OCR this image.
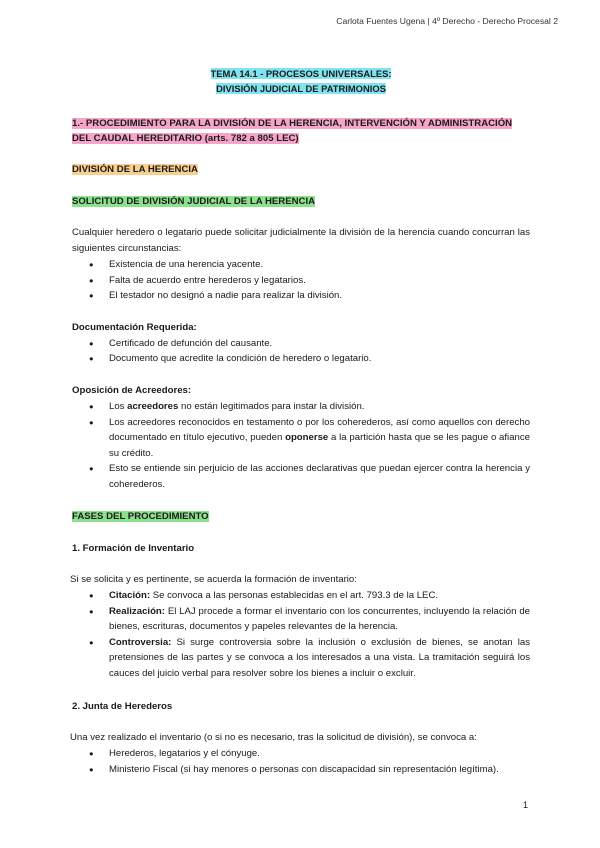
Carlota Fuentes Ugena | 4º Derecho - Derecho Procesal 2
TEMA 14.1 - PROCESOS UNIVERSALES:
DIVISIÓN JUDICIAL DE PATRIMONIOS
1.- PROCEDIMIENTO PARA LA DIVISIÓN DE LA HERENCIA, INTERVENCIÓN Y ADMINISTRACIÓN DEL CAUDAL HEREDITARIO (arts. 782 a 805 LEC)
DIVISIÓN DE LA HERENCIA
SOLICITUD DE DIVISIÓN JUDICIAL DE LA HERENCIA

Cualquier heredero o legatario puede solicitar judicialmente la división de la herencia cuando concurran las siguientes circunstancias:

● Existencia de una herencia yacente.
● Falta de acuerdo entre herederos y legatarios.
● El testador no designó a nadie para realizar la división.
Documentación Requerida:
● Certificado de defunción del causante.
● Documento que acredite la condición de heredero o legatario.
Oposición de Acreedores:
● Los acreedores no están legitimados para instar la división.
● Los acreedores reconocidos en testamento o por los coherederos, así como aquellos con derecho documentado en título ejecutivo, pueden oponerse a la partición hasta que se les pague o afiance su crédito.
● Esto se entiende sin perjuicio de las acciones declarativas que puedan ejercer contra la herencia y coherederos.
FASES DEL PROCEDIMIENTO
1. Formación de Inventario

Si se solicita y es pertinente, se acuerda la formación de inventario:

● Citación: Se convoca a las personas establecidas en el art. 793.3 de la LEC.
● Realización: El LAJ procede a formar el inventario con los concurrentes, incluyendo la relación de bienes, escrituras, documentos y papeles relevantes de la herencia.
● Controversia: Si surge controversia sobre la inclusión o exclusión de bienes, se anotan las pretensiones de las partes y se convoca a los interesados a una vista. La tramitación seguirá los cauces del juicio verbal para resolver sobre los bienes a incluir o excluir.
2. Junta de Herederos

Una vez realizado el inventario (o si no es necesario, tras la solicitud de división), se convoca a:

● Herederos, legatarios y el cónyuge.
● Ministerio Fiscal (si hay menores o personas con discapacidad sin representación legítima).
1
